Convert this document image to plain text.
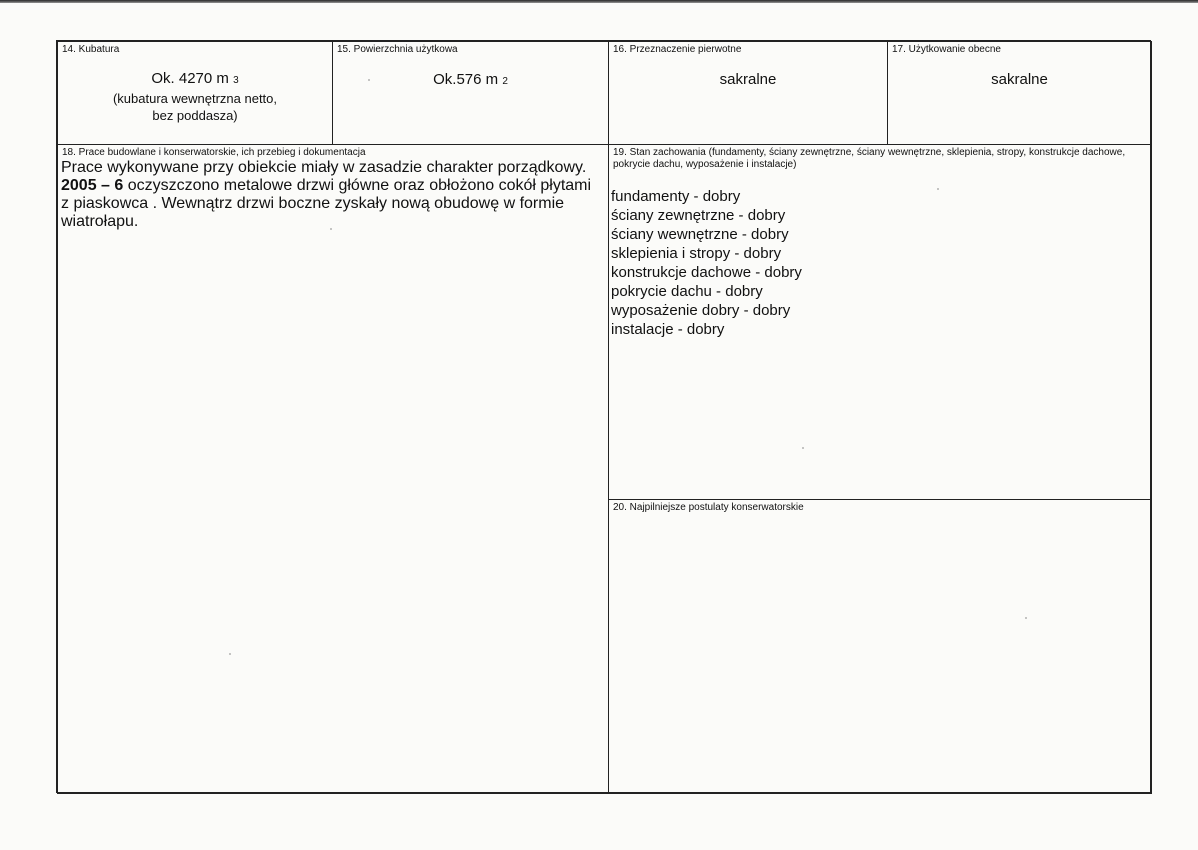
14. Kubatura
Ok. 4270 m 3
(kubatura wewnętrzna netto,
bez poddasza)
15. Powierzchnia użytkowa
Ok.576 m 2
16. Przeznaczenie pierwotne
sakralne
17. Użytkowanie obecne
sakralne
18. Prace budowlane i konserwatorskie, ich przebieg i dokumentacja
Prace wykonywane przy obiekcie miały w zasadzie charakter porządkowy.
2005 – 6 oczyszczono metalowe drzwi główne oraz obłożono cokół płytami
z piaskowca . Wewnątrz drzwi boczne zyskały nową obudowę w formie
wiatrołapu.
19. Stan zachowania (fundamenty, ściany zewnętrzne, ściany wewnętrzne, sklepienia, stropy, konstrukcje dachowe, pokrycie dachu, wyposażenie i instalacje)
fundamenty - dobry
ściany zewnętrzne - dobry
ściany wewnętrzne - dobry
sklepienia i stropy - dobry
konstrukcje dachowe - dobry
pokrycie dachu - dobry
wyposażenie dobry - dobry
instalacje - dobry
20. Najpilniejsze postulaty konserwatorskie
